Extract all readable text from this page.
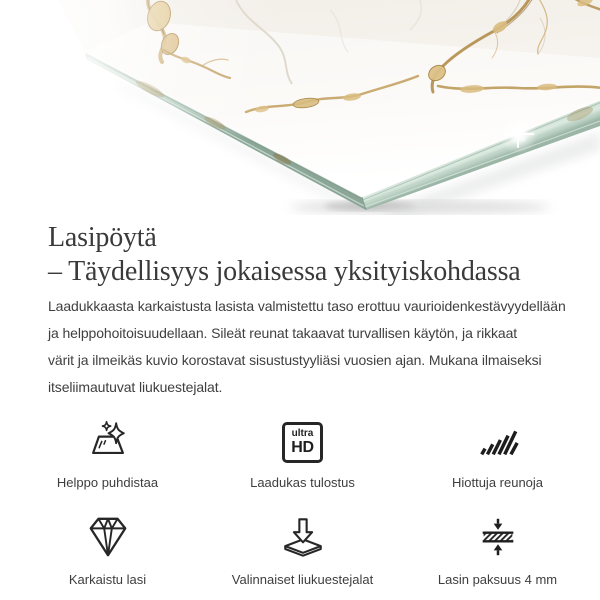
Lasipöytä
– Täydellisyys jokaisessa yksityiskohdassa
Laadukkaasta karkaistusta lasista valmistettu taso erottuu vaurioidenkestävyydellään
ja helppohoitoisuudellaan. Sileät reunat takaavat turvallisen käytön, ja rikkaat
värit ja ilmeikäs kuvio korostavat sisustustyyliäsi vuosien ajan. Mukana ilmaiseksi
itseliimautuvat liukuestejalat.
Helppo puhdistaa
ultra
HD
Laadukas tulostus	Hiottuja reunoja
Karkaistu lasi	Valinnaiset liukuestejalat	Lasin paksuus 4 mm
